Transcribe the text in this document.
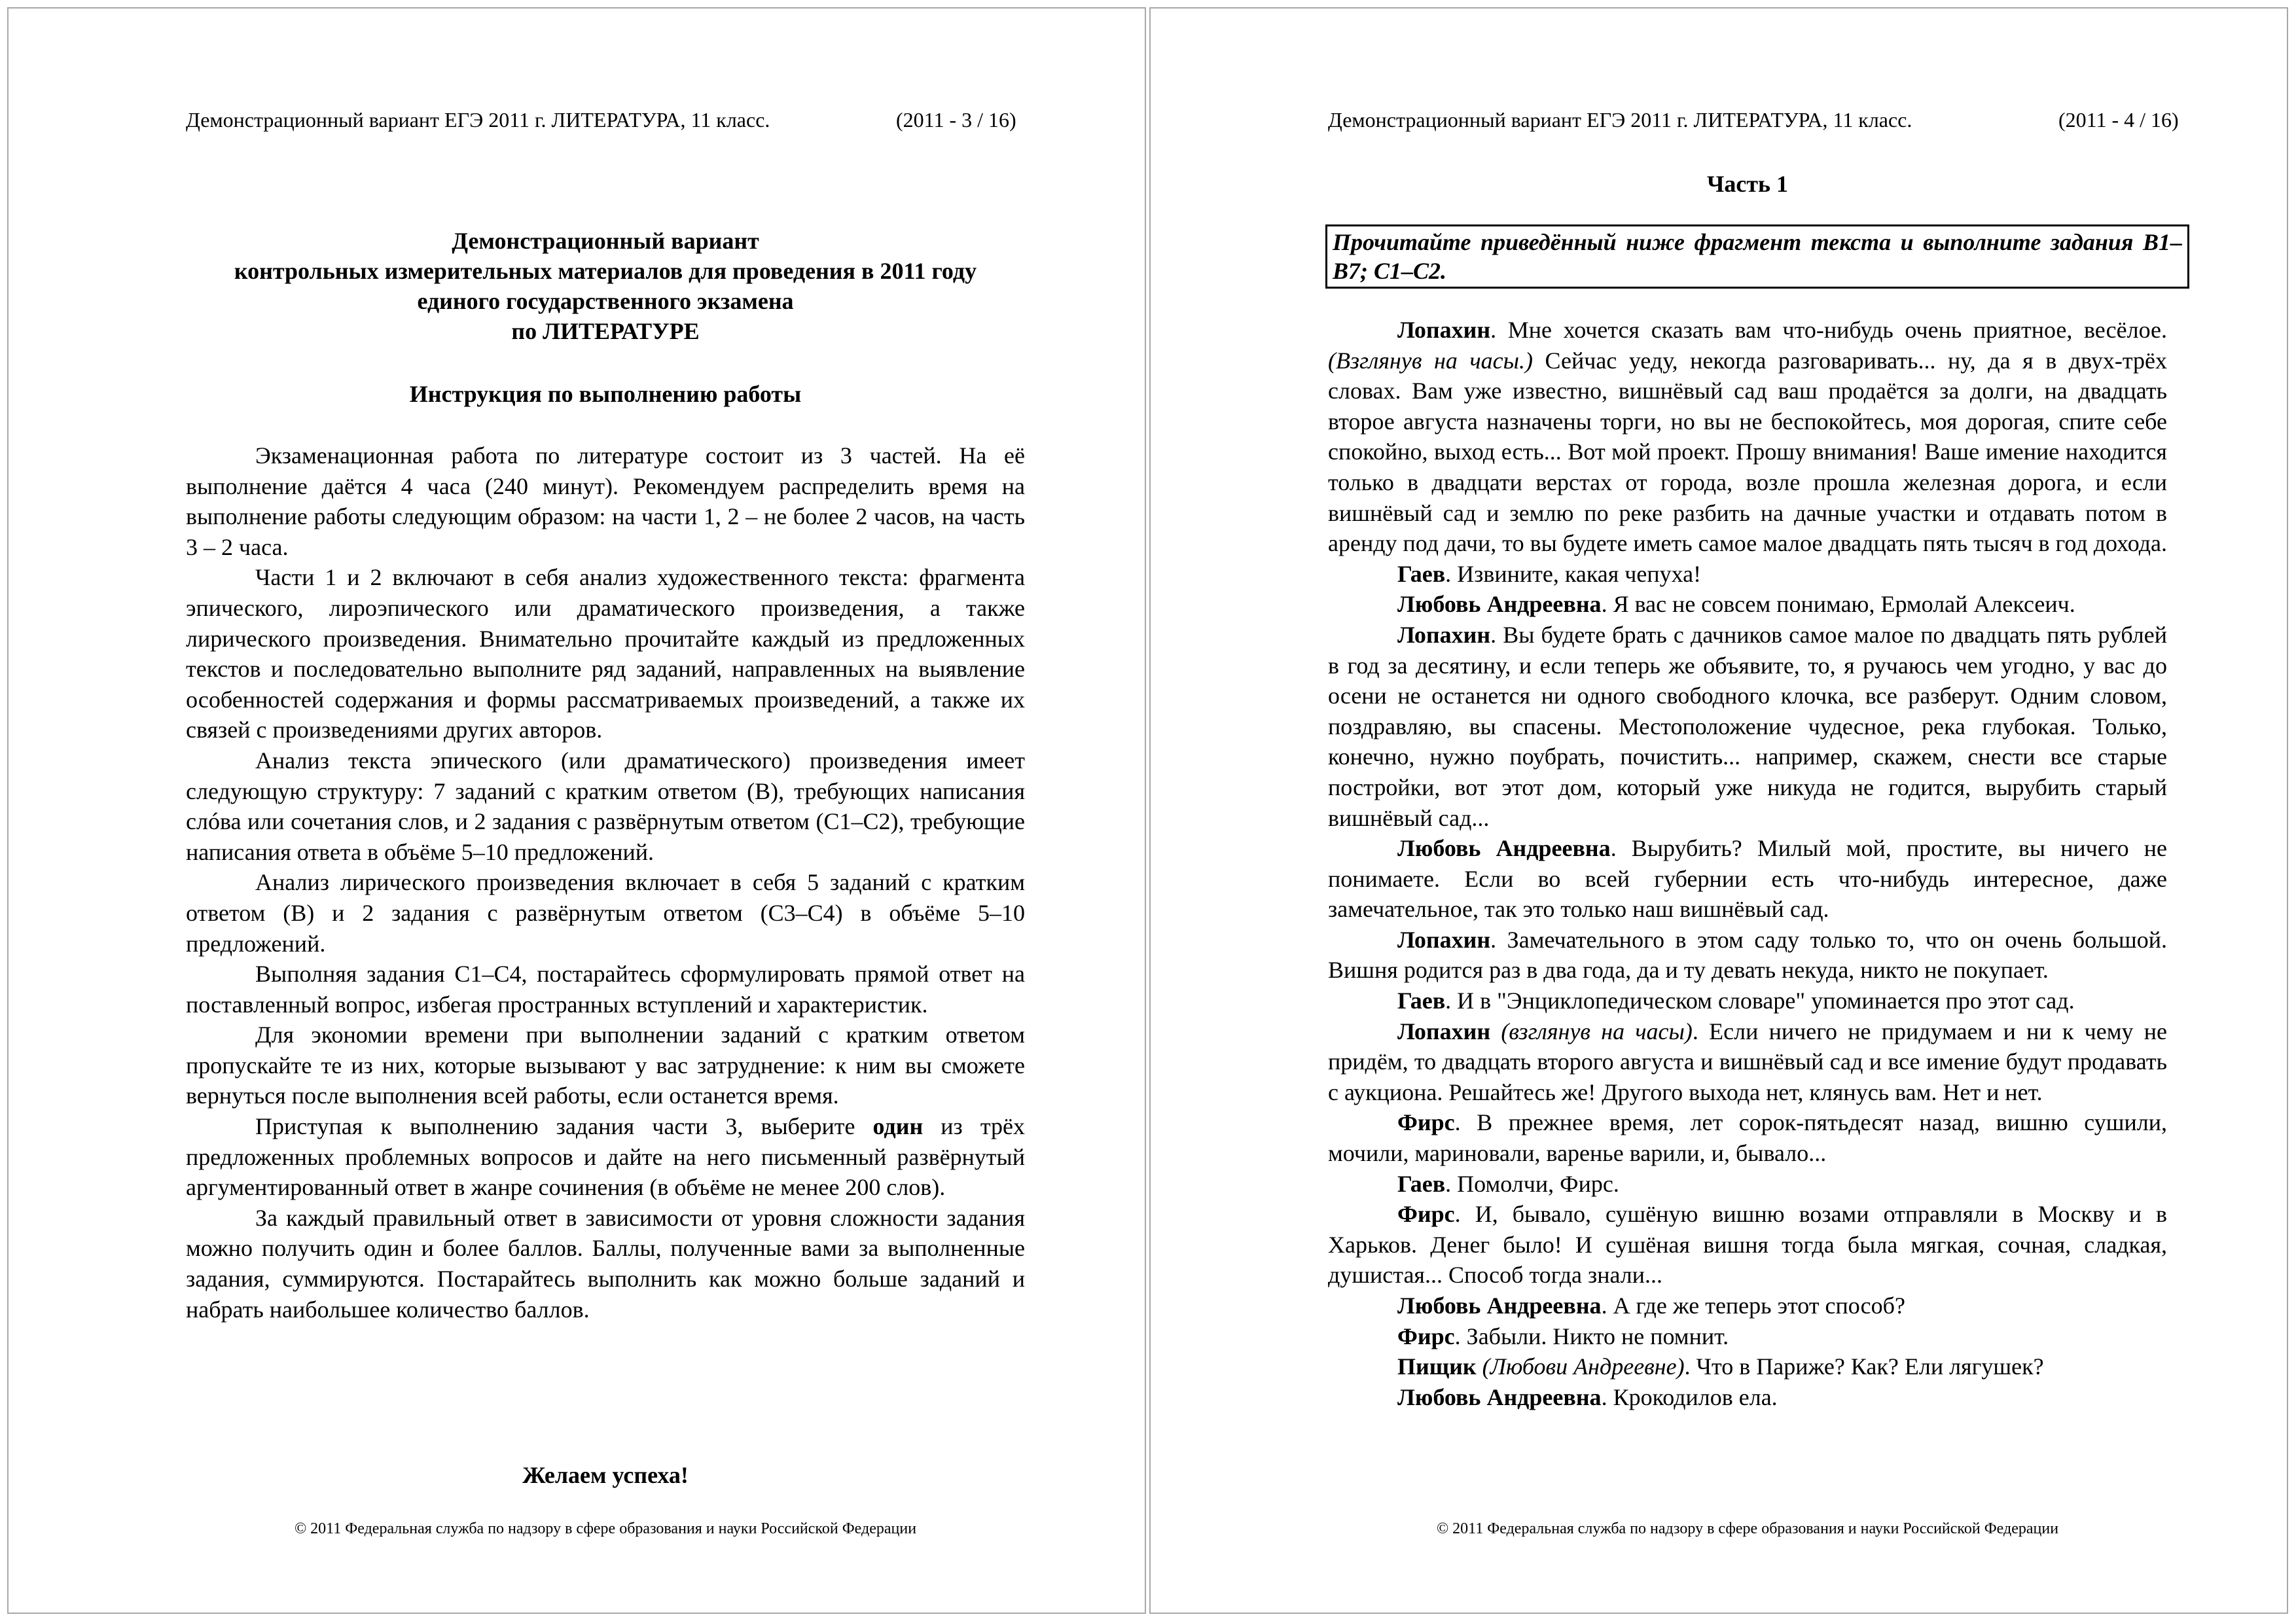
Демонстрационный вариант ЕГЭ 2011 г. ЛИТЕРАТУРА, 11 класс.	(2011 - 3 / 16)
Демонстрационный вариант
контрольных измерительных материалов для проведения в 2011 году
единого государственного экзамена
по ЛИТЕРАТУРЕ
Инструкция по выполнению работы

Экзаменационная работа по литературе состоит из 3 частей. На её выполнение даётся 4 часа (240 минут). Рекомендуем распределить время на выполнение работы следующим образом: на части 1, 2 – не более 2 часов, на часть 3 – 2 часа.

Части 1 и 2 включают в себя анализ художественного текста: фрагмента эпического, лироэпического или драматического произведения, а также лирического произведения. Внимательно прочитайте каждый из предложенных текстов и последовательно выполните ряд заданий, направленных на выявление особенностей содержания и формы рассматриваемых произведений, а также их связей с произведениями других авторов.

Анализ текста эпического (или драматического) произведения имеет следующую структуру: 7 заданий с кратким ответом (В), требующих написания слóва или сочетания слов, и 2 задания с развёрнутым ответом (С1–С2), требующие написания ответа в объёме 5–10 предложений.

Анализ лирического произведения включает в себя 5 заданий с кратким ответом (В) и 2 задания с развёрнутым ответом (С3–С4) в объёме 5–10 предложений.

Выполняя задания С1–С4, постарайтесь сформулировать прямой ответ на поставленный вопрос, избегая пространных вступлений и характеристик.

Для экономии времени при выполнении заданий с кратким ответом пропускайте те из них, которые вызывают у вас затруднение: к ним вы сможете вернуться после выполнения всей работы, если останется время.

Приступая к выполнению задания части 3, выберите один из трёх предложенных проблемных вопросов и дайте на него письменный развёрнутый аргументированный ответ в жанре сочинения (в объёме не менее 200 слов).

За каждый правильный ответ в зависимости от уровня сложности задания можно получить один и более баллов. Баллы, полученные вами за выполненные задания, суммируются. Постарайтесь выполнить как можно больше заданий и набрать наибольшее количество баллов.

Желаем успеха!
© 2011 Федеральная служба по надзору в сфере образования и науки Российской Федерации
Демонстрационный вариант ЕГЭ 2011 г. ЛИТЕРАТУРА, 11 класс.	(2011 - 4 / 16)
Часть 1
Прочитайте приведённый ниже фрагмент текста и выполните задания В1–В7; С1–С2.

Лопахин. Мне хочется сказать вам что-нибудь очень приятное, весёлое. (Взглянув на часы.) Сейчас уеду, некогда разговаривать... ну, да я в двух-трёх словах. Вам уже известно, вишнёвый сад ваш продаётся за долги, на двадцать второе августа назначены торги, но вы не беспокойтесь, моя дорогая, спите себе спокойно, выход есть... Вот мой проект. Прошу внимания! Ваше имение находится только в двадцати верстах от города, возле прошла железная дорога, и если вишнёвый сад и землю по реке разбить на дачные участки и отдавать потом в аренду под дачи, то вы будете иметь самое малое двадцать пять тысяч в год дохода.

Гаев. Извините, какая чепуха!

Любовь Андреевна. Я вас не совсем понимаю, Ермолай Алексеич.

Лопахин. Вы будете брать с дачников самое малое по двадцать пять рублей в год за десятину, и если теперь же объявите, то, я ручаюсь чем угодно, у вас до осени не останется ни одного свободного клочка, все разберут. Одним словом, поздравляю, вы спасены. Местоположение чудесное, река глубокая. Только, конечно, нужно поубрать, почистить... например, скажем, снести все старые постройки, вот этот дом, который уже никуда не годится, вырубить старый вишнёвый сад...

Любовь Андреевна. Вырубить? Милый мой, простите, вы ничего не понимаете. Если во всей губернии есть что-нибудь интересное, даже замечательное, так это только наш вишнёвый сад.

Лопахин. Замечательного в этом саду только то, что он очень большой. Вишня родится раз в два года, да и ту девать некуда, никто не покупает.

Гаев. И в "Энциклопедическом словаре" упоминается про этот сад.

Лопахин (взглянув на часы). Если ничего не придумаем и ни к чему не придём, то двадцать второго августа и вишнёвый сад и все имение будут продавать с аукциона. Решайтесь же! Другого выхода нет, клянусь вам. Нет и нет.

Фирс. В прежнее время, лет сорок-пятьдесят назад, вишню сушили, мочили, мариновали, варенье варили, и, бывало...

Гаев. Помолчи, Фирс.

Фирс. И, бывало, сушёную вишню возами отправляли в Москву и в Харьков. Денег было! И сушёная вишня тогда была мягкая, сочная, сладкая, душистая... Способ тогда знали...

Любовь Андреевна. А где же теперь этот способ?

Фирс. Забыли. Никто не помнит.

Пищик (Любови Андреевне). Что в Париже? Как? Ели лягушек?

Любовь Андреевна. Крокодилов ела.

© 2011 Федеральная служба по надзору в сфере образования и науки Российской Федерации
